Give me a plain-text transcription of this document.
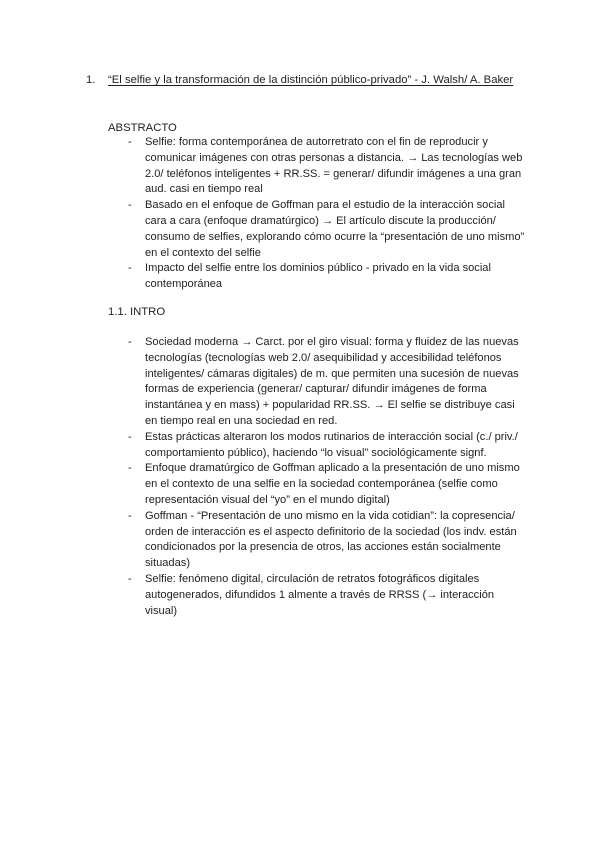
1. “El selfie y la transformación de la distinción público-privado” - J. Walsh/ A. Baker
ABSTRACTO
- Selfie: forma contemporánea de autorretrato con el fin de reproducir y comunicar imágenes con otras personas a distancia. → Las tecnologías web 2.0/ teléfonos inteligentes + RR.SS. = generar/ difundir imágenes a una gran aud. casi en tiempo real
- Basado en el enfoque de Goffman para el estudio de la interacción social cara a cara (enfoque dramatúrgico) → El artículo discute la producción/ consumo de selfies, explorando cómo ocurre la “presentación de uno mismo” en el contexto del selfie
- Impacto del selfie entre los dominios público - privado en la vida social contemporánea
1.1. INTRO
- Sociedad moderna → Carct. por el giro visual: forma y fluidez de las nuevas tecnologías (tecnologías web 2.0/ asequibilidad y accesibilidad teléfonos inteligentes/ cámaras digitales) de m. que permiten una sucesión de nuevas formas de experiencia (generar/ capturar/ difundir imágenes de forma instantánea y en mass) + popularidad RR.SS. → El selfie se distribuye casi en tiempo real en una sociedad en red.
- Estas prácticas alteraron los modos rutinarios de interacción social (c./ priv./ comportamiento público), haciendo “lo visual” sociológicamente signf.
- Enfoque dramatúrgico de Goffman aplicado a la presentación de uno mismo en el contexto de una selfie en la sociedad contemporánea (selfie como representación visual del “yo” en el mundo digital)
- Goffman - “Presentación de uno mismo en la vida cotidian”: la copresencia/ orden de interacción es el aspecto definitorio de la sociedad (los indv. están condicionados por la presencia de otros, las acciones están socialmente situadas)
- Selfie: fenómeno digital, circulación de retratos fotográficos digitales autogenerados, difundidos 1 almente a través de RRSS (→ interacción visual)
